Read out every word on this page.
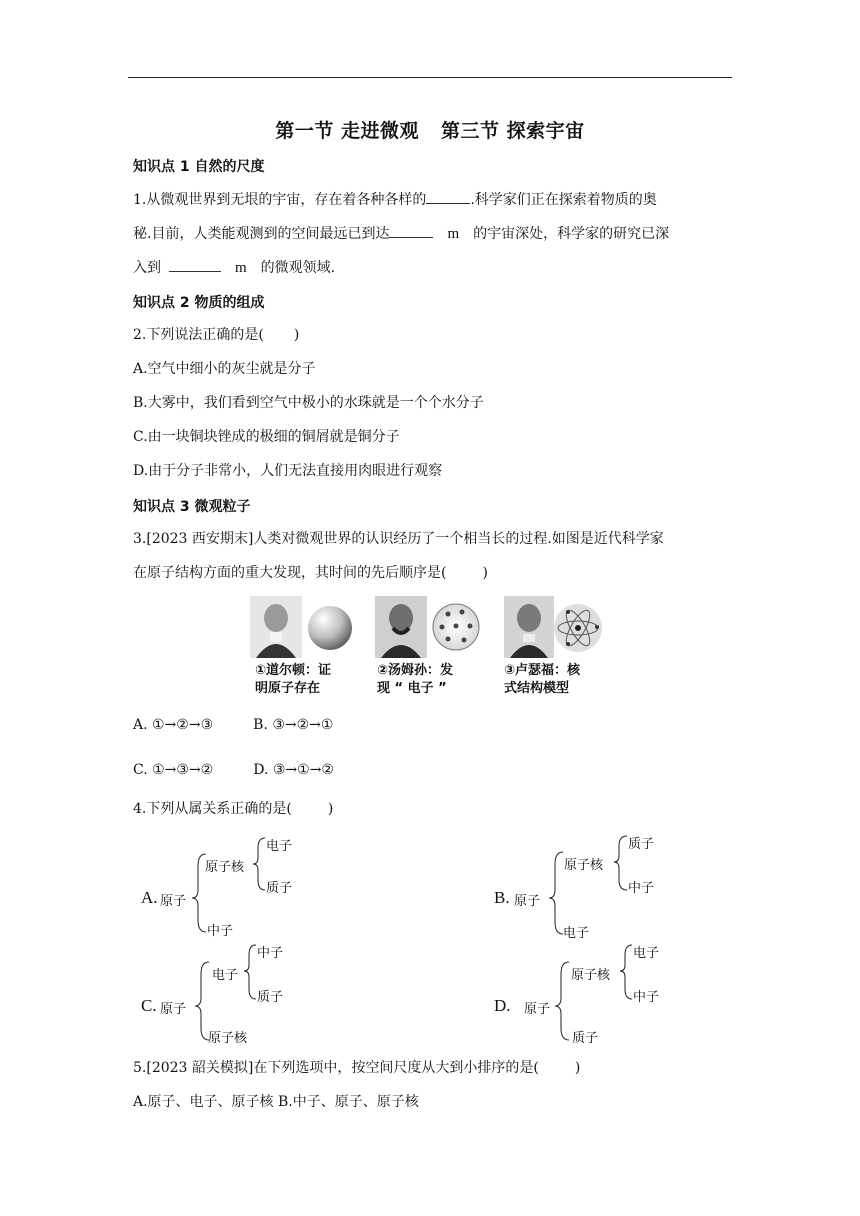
第一节 走进微观 第三节 探索宇宙
知识点 1 自然的尺度
1.从微观世界到无垠的宇宙，存在着各种各样的	.科学家们正在探索着物质的奥
秘.目前，人类能观测到的空间最远已到达	m 的宇宙深处，科学家的研究已深
入到	m 的微观领域.
知识点 2 物质的组成
2.下列说法正确的是( )
A.空气中细小的灰尘就是分子
B.大雾中，我们看到空气中极小的水珠就是一个个水分子
C.由一块铜块锉成的极细的铜屑就是铜分子
D.由于分子非常小，人们无法直接用肉眼进行观察
知识点 3 微观粒子
3.[2023 西安期末]人类对微观世界的认识经历了一个相当长的过程.如图是近代科学家
在原子结构方面的重大发现，其时间的先后顺序是(	)
①道尔顿：证
明原子存在
②汤姆孙：发
现 “ 电子 ”
③卢瑟福：核
式结构模型
A. ①→②→③	B. ③→②→①
C. ①→③→②	D. ③→①→②
4.下列从属关系正确的是(	)
A. 原子
原子核
电子
质子
中子
B. 原子
原子核
质子
中子
电子
C. 原子
电子
中子
质子
原子核
D. 原子
原子核
电子
中子
质子
5.[2023 韶关模拟]在下列选项中，按空间尺度从大到小排序的是(	)
A.原子、电子、原子核 B.中子、原子、原子核
